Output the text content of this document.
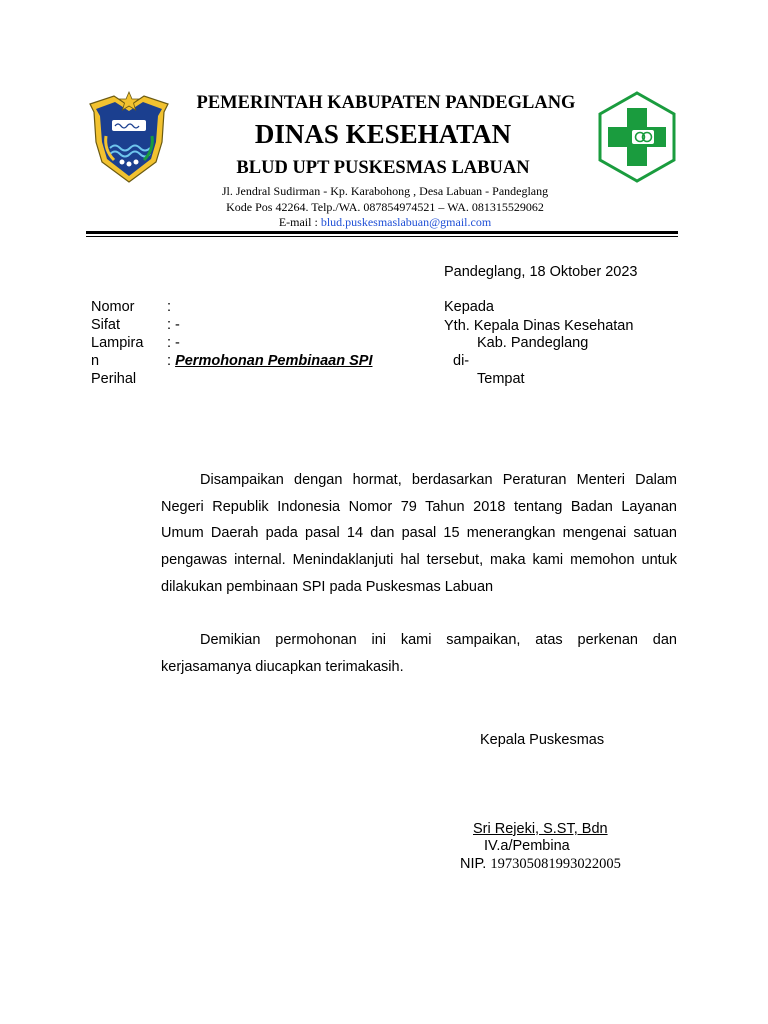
PEMERINTAH KABUPATEN PANDEGLANG
DINAS KESEHATAN
BLUD UPT PUSKESMAS LABUAN
Jl. Jendral Sudirman - Kp. Karabohong , Desa Labuan - Pandeglang
Kode Pos 42264. Telp./WA. 087854974521 – WA. 081315529062
E-mail : blud.puskesmaslabuan@gmail.com
Pandeglang, 18 Oktober 2023
Nomor
Sifat
Lampira
n
Perihal
:
: -
: -
: Permohonan Pembinaan SPI
Kepada
Yth. Kepala Dinas Kesehatan
Kab. Pandeglang
di-
Tempat

Disampaikan dengan hormat, berdasarkan Peraturan Menteri Dalam Negeri Republik Indonesia Nomor 79 Tahun 2018 tentang Badan Layanan Umum Daerah pada pasal 14 dan pasal 15 menerangkan mengenai satuan pengawas internal. Menindaklanjuti hal tersebut, maka kami memohon untuk dilakukan pembinaan SPI pada Puskesmas Labuan

Demikian permohonan ini kami sampaikan, atas perkenan dan kerjasamanya diucapkan terimakasih.

Kepala Puskesmas
Sri Rejeki, S.ST, Bdn
IV.a/Pembina
NIP. 197305081993022005
